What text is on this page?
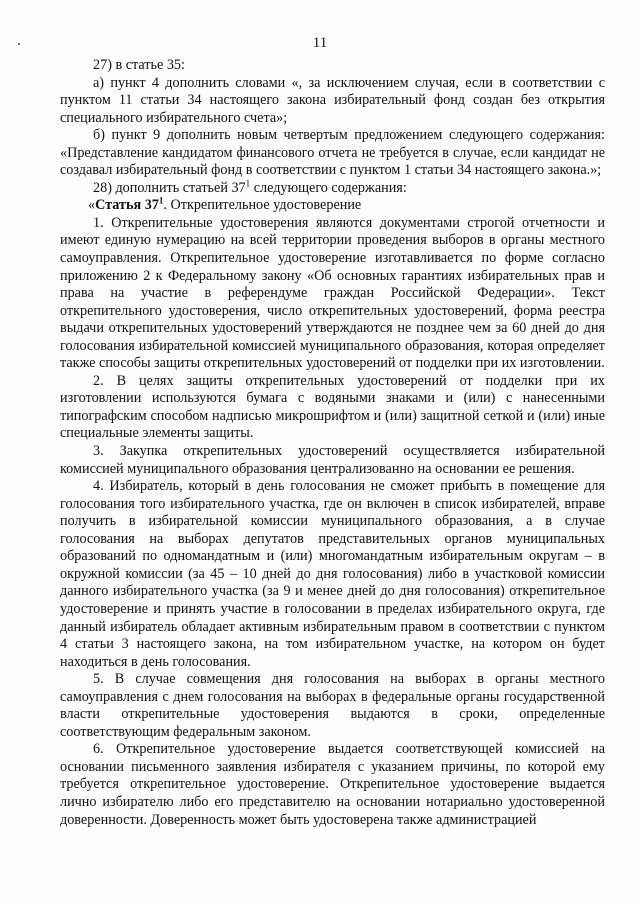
11

27) в статье 35:

а) пункт 4 дополнить словами «, за исключением случая, если в соответствии с пунктом 11 статьи 34 настоящего закона избирательный фонд создан без открытия специального избирательного счета»;

б) пункт 9 дополнить новым четвертым предложением следующего содержания: «Представление кандидатом финансового отчета не требуется в случае, если кандидат не создавал избирательный фонд в соответствии с пунктом 1 статьи 34 настоящего закона.»;

28) дополнить статьей $37^1$ следующего содержания:

«Статья $37^1$. Открепительное удостоверение

1. Открепительные удостоверения являются документами строгой отчетности и имеют единую нумерацию на всей территории проведения выборов в органы местного самоуправления. Открепительное удостоверение изготавливается по форме согласно приложению 2 к Федеральному закону «Об основных гарантиях избирательных прав и права на участие в референдуме граждан Российской Федерации». Текст открепительного удостоверения, число открепительных удостоверений, форма реестра выдачи открепительных удостоверений утверждаются не позднее чем за 60 дней до дня голосования избирательной комиссией муниципального образования, которая определяет также способы защиты открепительных удостоверений от подделки при их изготовлении.

2. В целях защиты открепительных удостоверений от подделки при их изготовлении используются бумага с водяными знаками и (или) с нанесенными типографским способом надписью микрошрифтом и (или) защитной сеткой и (или) иные специальные элементы защиты.

3. Закупка открепительных удостоверений осуществляется избирательной комиссией муниципального образования централизованно на основании ее решения.

4. Избиратель, который в день голосования не сможет прибыть в помещение для голосования того избирательного участка, где он включен в список избирателей, вправе получить в избирательной комиссии муниципального образования, а в случае голосования на выборах депутатов представительных органов муниципальных образований по одномандатным и (или) многомандатным избирательным округам – в окружной комиссии (за 45 – 10 дней до дня голосования) либо в участковой комиссии данного избирательного участка (за 9 и менее дней до дня голосования) открепительное удостоверение и принять участие в голосовании в пределах избирательного округа, где данный избиратель обладает активным избирательным правом в соответствии с пунктом 4 статьи 3 настоящего закона, на том избирательном участке, на котором он будет находиться в день голосования.

5. В случае совмещения дня голосования на выборах в органы местного самоуправления с днем голосования на выборах в федеральные органы государственной власти открепительные удостоверения выдаются в сроки, определенные соответствующим федеральным законом.

6. Открепительное удостоверение выдается соответствующей комиссией на основании письменного заявления избирателя с указанием причины, по которой ему требуется открепительное удостоверение. Открепительное удостоверение выдается лично избирателю либо его представителю на основании нотариально удостоверенной доверенности. Доверенность может быть удостоверена также администрацией
